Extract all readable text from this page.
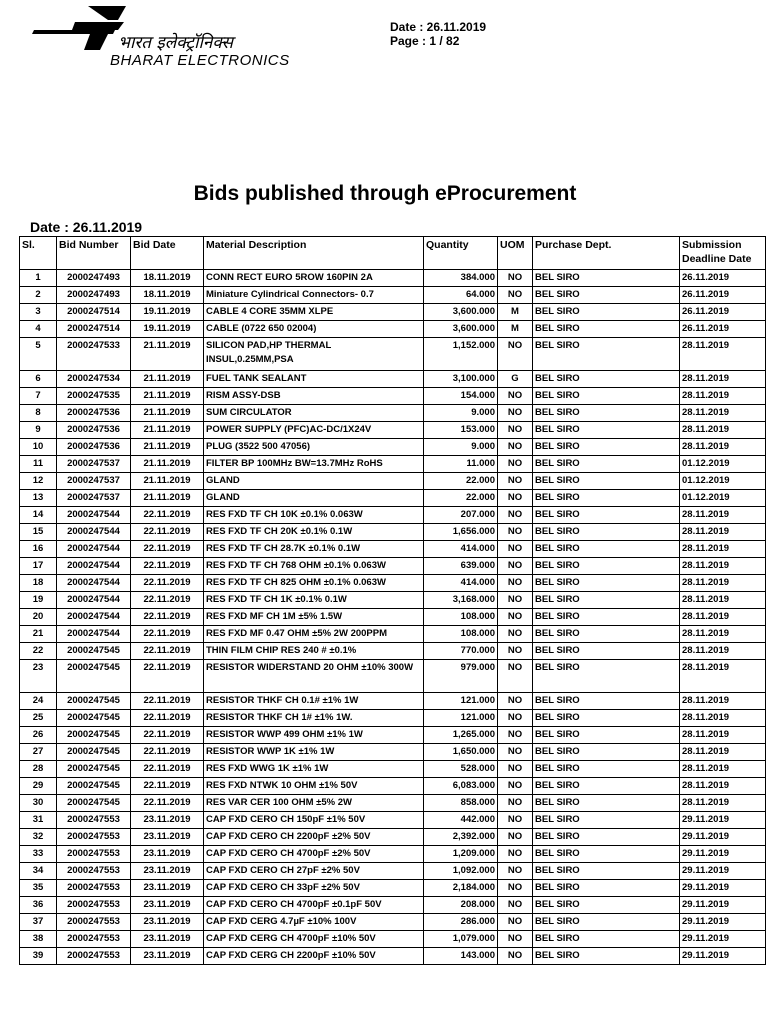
भारत इलेक्ट्रॉनिक्स
BHARAT ELECTRONICS
Date : 26.11.2019
Page : 1 / 82
Bids published through eProcurement
Date : 26.11.2019
Sl.	Bid Number	Bid Date	Material Description	Quantity	UOM	Purchase Dept.	Submission Deadline Date
1	2000247493	18.11.2019	CONN RECT EURO 5ROW 160PIN 2A	384.000	NO	BEL SIRO	26.11.2019
2	2000247493	18.11.2019	Miniature Cylindrical Connectors- 0.7	64.000	NO	BEL SIRO	26.11.2019
3	2000247514	19.11.2019	CABLE 4 CORE 35MM XLPE	3,600.000	M	BEL SIRO	26.11.2019
4	2000247514	19.11.2019	CABLE (0722 650 02004)	3,600.000	M	BEL SIRO	26.11.2019
5	2000247533	21.11.2019	SILICON PAD,HP THERMAL INSUL,0.25MM,PSA	1,152.000	NO	BEL SIRO	28.11.2019
6	2000247534	21.11.2019	FUEL TANK SEALANT	3,100.000	G	BEL SIRO	28.11.2019
7	2000247535	21.11.2019	RISM ASSY-DSB	154.000	NO	BEL SIRO	28.11.2019
8	2000247536	21.11.2019	SUM CIRCULATOR	9.000	NO	BEL SIRO	28.11.2019
9	2000247536	21.11.2019	POWER SUPPLY (PFC)AC-DC/1X24V	153.000	NO	BEL SIRO	28.11.2019
10	2000247536	21.11.2019	PLUG (3522 500 47056)	9.000	NO	BEL SIRO	28.11.2019
11	2000247537	21.11.2019	FILTER BP 100MHz BW=13.7MHz RoHS	11.000	NO	BEL SIRO	01.12.2019
12	2000247537	21.11.2019	GLAND	22.000	NO	BEL SIRO	01.12.2019
13	2000247537	21.11.2019	GLAND	22.000	NO	BEL SIRO	01.12.2019
14	2000247544	22.11.2019	RES FXD TF CH 10K ±0.1% 0.063W	207.000	NO	BEL SIRO	28.11.2019
15	2000247544	22.11.2019	RES FXD TF CH 20K ±0.1% 0.1W	1,656.000	NO	BEL SIRO	28.11.2019
16	2000247544	22.11.2019	RES FXD TF CH 28.7K ±0.1% 0.1W	414.000	NO	BEL SIRO	28.11.2019
17	2000247544	22.11.2019	RES FXD TF CH 768 OHM ±0.1% 0.063W	639.000	NO	BEL SIRO	28.11.2019
18	2000247544	22.11.2019	RES FXD TF CH 825 OHM ±0.1% 0.063W	414.000	NO	BEL SIRO	28.11.2019
19	2000247544	22.11.2019	RES FXD TF CH 1K ±0.1% 0.1W	3,168.000	NO	BEL SIRO	28.11.2019
20	2000247544	22.11.2019	RES FXD MF CH 1M ±5% 1.5W	108.000	NO	BEL SIRO	28.11.2019
21	2000247544	22.11.2019	RES FXD MF 0.47 OHM ±5% 2W 200PPM	108.000	NO	BEL SIRO	28.11.2019
22	2000247545	22.11.2019	THIN FILM CHIP RES 240 # ±0.1%	770.000	NO	BEL SIRO	28.11.2019
23	2000247545	22.11.2019	RESISTOR WIDERSTAND 20 OHM ±10% 300W	979.000	NO	BEL SIRO	28.11.2019
24	2000247545	22.11.2019	RESISTOR THKF CH 0.1# ±1% 1W	121.000	NO	BEL SIRO	28.11.2019
25	2000247545	22.11.2019	RESISTOR THKF CH 1# ±1% 1W.	121.000	NO	BEL SIRO	28.11.2019
26	2000247545	22.11.2019	RESISTOR WWP 499 OHM ±1% 1W	1,265.000	NO	BEL SIRO	28.11.2019
27	2000247545	22.11.2019	RESISTOR WWP 1K ±1% 1W	1,650.000	NO	BEL SIRO	28.11.2019
28	2000247545	22.11.2019	RES FXD WWG 1K ±1% 1W	528.000	NO	BEL SIRO	28.11.2019
29	2000247545	22.11.2019	RES FXD NTWK 10 OHM ±1% 50V	6,083.000	NO	BEL SIRO	28.11.2019
30	2000247545	22.11.2019	RES VAR CER 100 OHM ±5% 2W	858.000	NO	BEL SIRO	28.11.2019
31	2000247553	23.11.2019	CAP FXD CERO CH 150pF ±1% 50V	442.000	NO	BEL SIRO	29.11.2019
32	2000247553	23.11.2019	CAP FXD CERO CH 2200pF ±2% 50V	2,392.000	NO	BEL SIRO	29.11.2019
33	2000247553	23.11.2019	CAP FXD CERO CH 4700pF ±2% 50V	1,209.000	NO	BEL SIRO	29.11.2019
34	2000247553	23.11.2019	CAP FXD CERO CH 27pF ±2% 50V	1,092.000	NO	BEL SIRO	29.11.2019
35	2000247553	23.11.2019	CAP FXD CERO CH 33pF ±2% 50V	2,184.000	NO	BEL SIRO	29.11.2019
36	2000247553	23.11.2019	CAP FXD CERO CH 4700pF ±0.1pF 50V	208.000	NO	BEL SIRO	29.11.2019
37	2000247553	23.11.2019	CAP FXD CERG 4.7µF ±10% 100V	286.000	NO	BEL SIRO	29.11.2019
38	2000247553	23.11.2019	CAP FXD CERG CH 4700pF ±10% 50V	1,079.000	NO	BEL SIRO	29.11.2019
39	2000247553	23.11.2019	CAP FXD CERG CH 2200pF ±10% 50V	143.000	NO	BEL SIRO	29.11.2019
